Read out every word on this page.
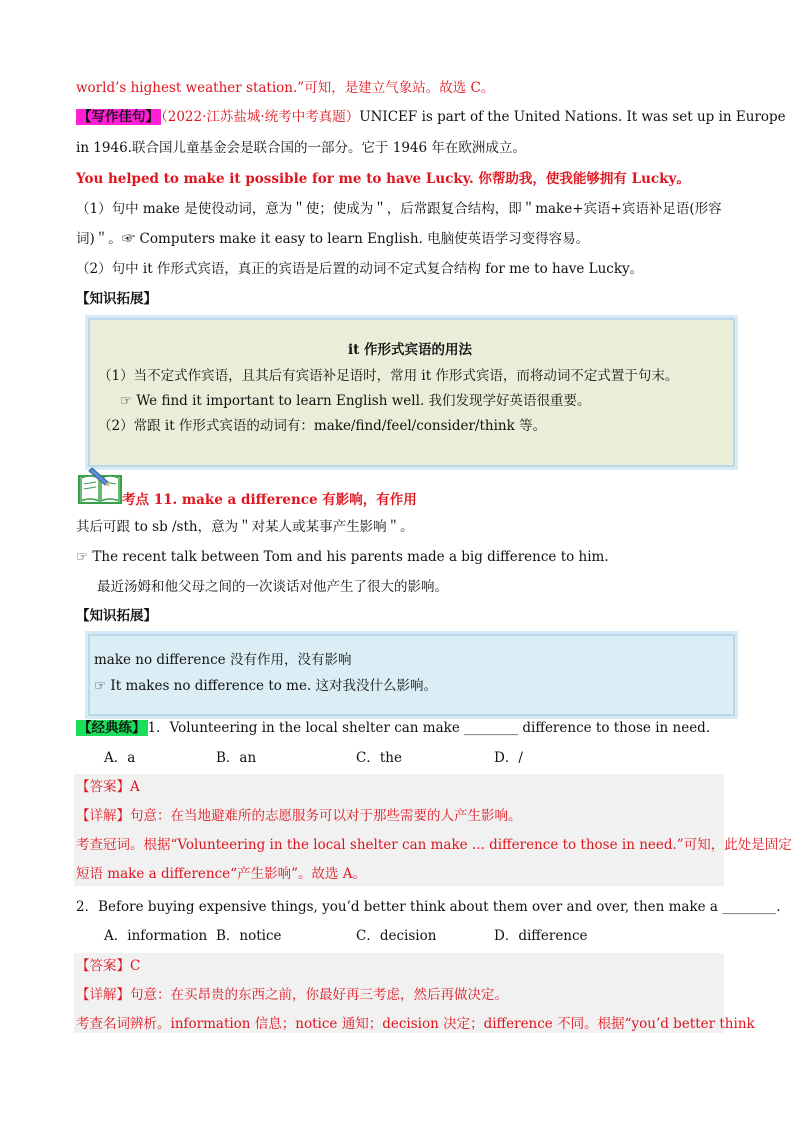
world’s highest weather station.”可知，是建立气象站。故选 C。
【写作佳句】 （2022·江苏盐城·统考中考真题）UNICEF is part of the United Nations. It was set up in Europe
in 1946.联合国儿童基金会是联合国的一部分。它于 1946 年在欧洲成立。
You helped to make it possible for me to have Lucky. 你帮助我，使我能够拥有 Lucky。
（1）句中 make 是使役动词，意为＂使；使成为＂，后常跟复合结构，即＂make+宾语+宾语补足语(形容
词)＂。☞ Computers make it easy to learn English. 电脑使英语学习变得容易。
（2）句中 it 作形式宾语，真正的宾语是后置的动词不定式复合结构 for me to have Lucky。
【知识拓展】
it 作形式宾语的用法
（1）当不定式作宾语，且其后有宾语补足语时，常用 it 作形式宾语，而将动词不定式置于句末。
☞ We find it important to learn English well. 我们发现学好英语很重要。
（2）常跟 it 作形式宾语的动词有：make/find/feel/consider/think 等。
考点 11. make a difference 有影响，有作用
其后可跟 to sb /sth，意为＂对某人或某事产生影响＂。
☞ The recent talk between Tom and his parents made a big difference to him.
最近汤姆和他父母之间的一次谈话对他产生了很大的影响。
【知识拓展】
make no difference 没有作用，没有影响
☞ It makes no difference to me. 这对我没什么影响。
【经典练】 1．Volunteering in the local shelter can make ________ difference to those in need.
A．a	B．an	C．the	D．/
【答案】A
【详解】句意：在当地避难所的志愿服务可以对于那些需要的人产生影响。
考查冠词。根据“Volunteering in the local shelter can make ... difference to those in need.”可知，此处是固定
短语 make a difference“产生影响”。故选 A。
2．Before buying expensive things, you’d better think about them over and over, then make a ________.
A．information B．notice	C．decision	D．difference
【答案】C
【详解】句意：在买昂贵的东西之前，你最好再三考虑，然后再做决定。
考查名词辨析。information 信息；notice 通知；decision 决定；difference 不同。根据“you’d better think
